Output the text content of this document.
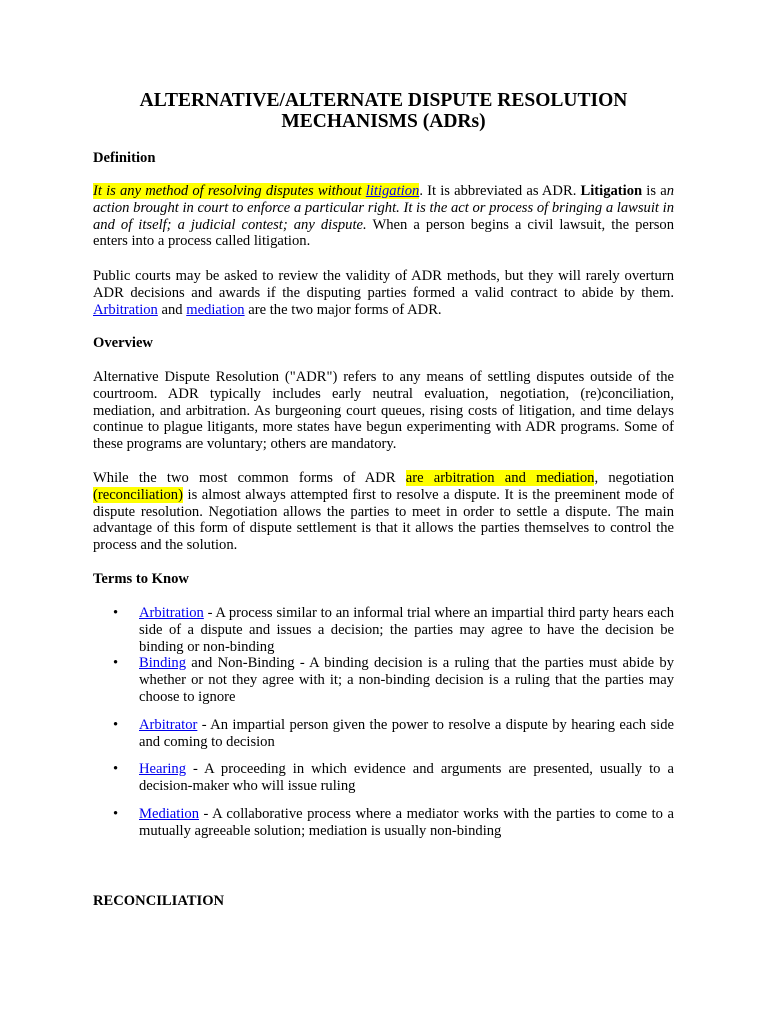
ALTERNATIVE/ALTERNATE DISPUTE RESOLUTION
MECHANISMS (ADRs)
Definition

It is any method of resolving disputes without litigation. It is abbreviated as ADR. Litigation is an action brought in court to enforce a particular right. It is the act or process of bringing a lawsuit in and of itself; a judicial contest; any dispute. When a person begins a civil lawsuit, the person enters into a process called litigation.

Public courts may be asked to review the validity of ADR methods, but they will rarely overturn ADR decisions and awards if the disputing parties formed a valid contract to abide by them. Arbitration and mediation are the two major forms of ADR.

Overview

Alternative Dispute Resolution ("ADR") refers to any means of settling disputes outside of the courtroom. ADR typically includes early neutral evaluation, negotiation, (re)conciliation, mediation, and arbitration. As burgeoning court queues, rising costs of litigation, and time delays continue to plague litigants, more states have begun experimenting with ADR programs. Some of these programs are voluntary; others are mandatory.

While the two most common forms of ADR are arbitration and mediation, negotiation (reconciliation) is almost always attempted first to resolve a dispute. It is the preeminent mode of dispute resolution. Negotiation allows the parties to meet in order to settle a dispute. The main advantage of this form of dispute settlement is that it allows the parties themselves to control the process and the solution.

Terms to Know
• Arbitration - A process similar to an informal trial where an impartial third party hears each side of a dispute and issues a decision; the parties may agree to have the decision be binding or non-binding
• Binding and Non-Binding - A binding decision is a ruling that the parties must abide by whether or not they agree with it; a non-binding decision is a ruling that the parties may choose to ignore
• Arbitrator - An impartial person given the power to resolve a dispute by hearing each side and coming to decision
• Hearing - A proceeding in which evidence and arguments are presented, usually to a decision-maker who will issue ruling
• Mediation - A collaborative process where a mediator works with the parties to come to a mutually agreeable solution; mediation is usually non-binding
RECONCILIATION
